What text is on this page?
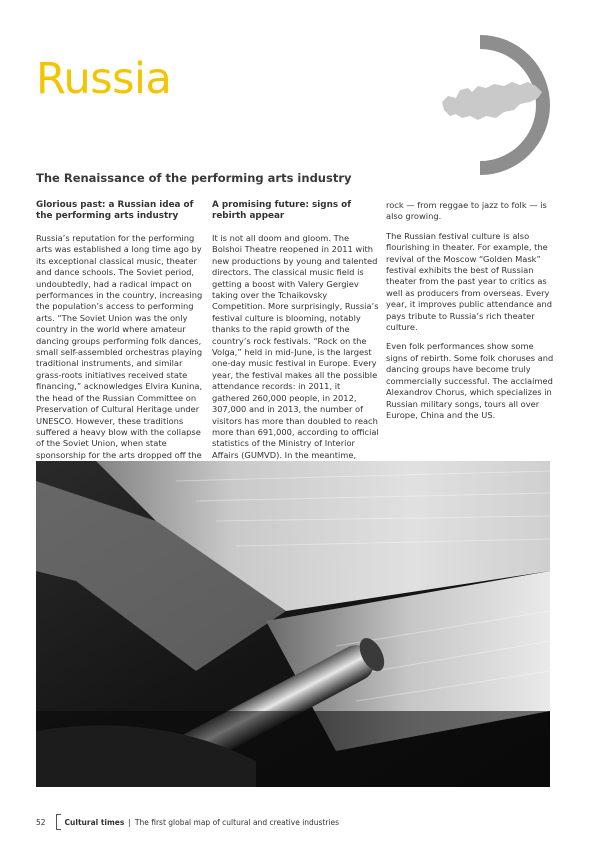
Russia
The Renaissance of the performing arts industry
Glorious past: a Russian idea of the performing arts industry

Russia’s reputation for the performing arts was established a long time ago by its exceptional classical music, theater and dance schools. The Soviet period, undoubtedly, had a radical impact on performances in the country, increasing the population’s access to performing arts. “The Soviet Union was the only country in the world where amateur dancing groups performing folk dances, small self-assembled orchestras playing traditional instruments, and similar grass-roots initiatives received state financing,” acknowledges Elvira Kunina, the head of the Russian Committee on Preservation of Cultural Heritage under UNESCO. However, these traditions suffered a heavy blow with the collapse of the Soviet Union, when state sponsorship for the arts dropped off the

A promising future: signs of rebirth appear

It is not all doom and gloom. The Bolshoi Theatre reopened in 2011 with new productions by young and talented directors. The classical music field is getting a boost with Valery Gergiev taking over the Tchaikovsky Competition. More surprisingly, Russia’s festival culture is blooming, notably thanks to the rapid growth of the country’s rock festivals. “Rock on the Volga,” held in mid-June, is the largest one-day music festival in Europe. Every year, the festival makes all the possible attendance records: in 2011, it gathered 260,000 people, in 2012, 307,000 and in 2013, the number of visitors has more than doubled to reach more than 691,000, according to official statistics of the Ministry of Interior Affairs (GUMVD). In the meantime,

rock — from reggae to jazz to folk — is also growing.

The Russian festival culture is also flourishing in theater. For example, the revival of the Moscow “Golden Mask” festival exhibits the best of Russian theater from the past year to critics as well as producers from overseas. Every year, it improves public attendance and pays tribute to Russia’s rich theater culture.

Even folk performances show some signs of rebirth. Some folk choruses and dancing groups have become truly commercially successful. The acclaimed Alexandrov Chorus, which specializes in Russian military songs, tours all over Europe, China and the US.

52	Cultural times | The first global map of cultural and creative industries
